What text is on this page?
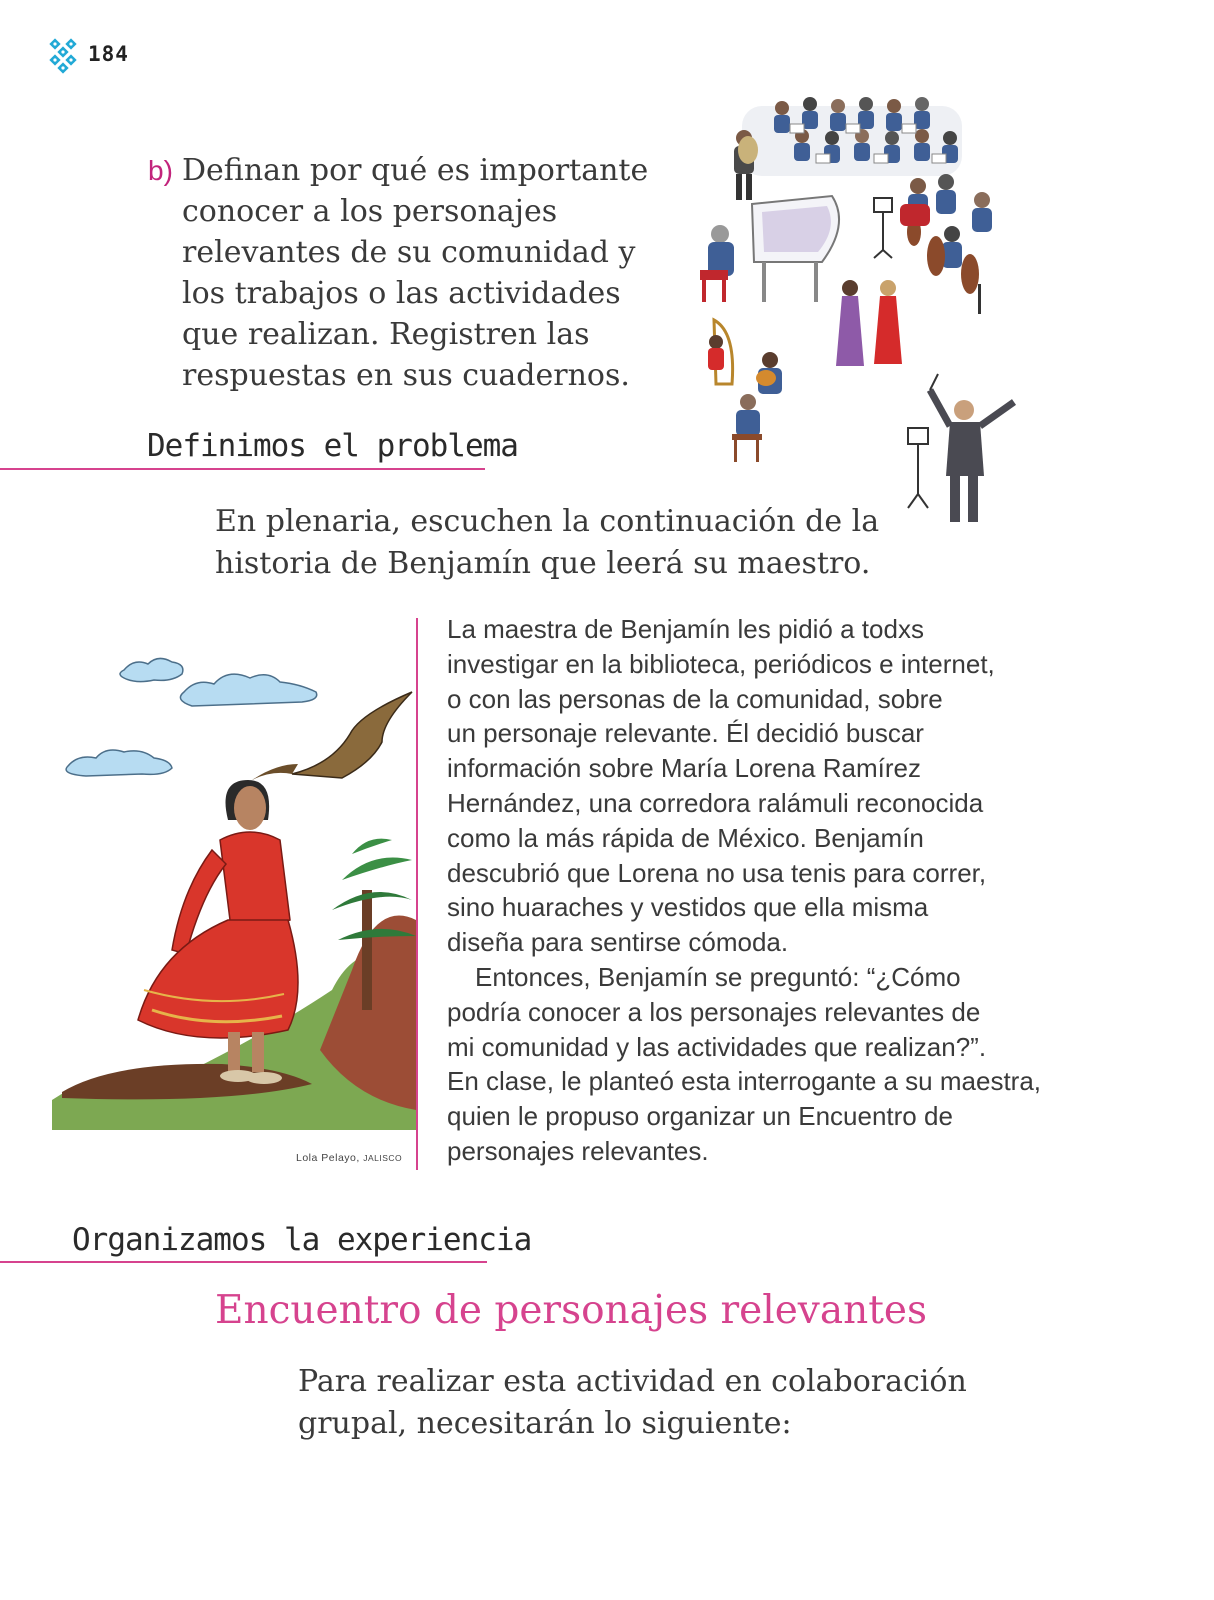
184
b) Definan por qué es importante
conocer a los personajes
relevantes de su comunidad y
los trabajos o las actividades
que realizan. Registren las
respuestas en sus cuadernos.
Definimos el problema
En plenaria, escuchen la continuación de la
historia de Benjamín que leerá su maestro.
Lola Pelayo, JALISCO

La maestra de Benjamín les pidió a todxs
investigar en la biblioteca, periódicos e internet,
o con las personas de la comunidad, sobre
un personaje relevante. Él decidió buscar
información sobre María Lorena Ramírez
Hernández, una corredora ralámuli reconocida
como la más rápida de México. Benjamín
descubrió que Lorena no usa tenis para correr,
sino huaraches y vestidos que ella misma
diseña para sentirse cómoda.

Entonces, Benjamín se preguntó: “¿Cómo
podría conocer a los personajes relevantes de
mi comunidad y las actividades que realizan?”.
En clase, le planteó esta interrogante a su maestra,
quien le propuso organizar un Encuentro de
personajes relevantes.

Organizamos la experiencia
Encuentro de personajes relevantes
Para realizar esta actividad en colaboración
grupal, necesitarán lo siguiente:
